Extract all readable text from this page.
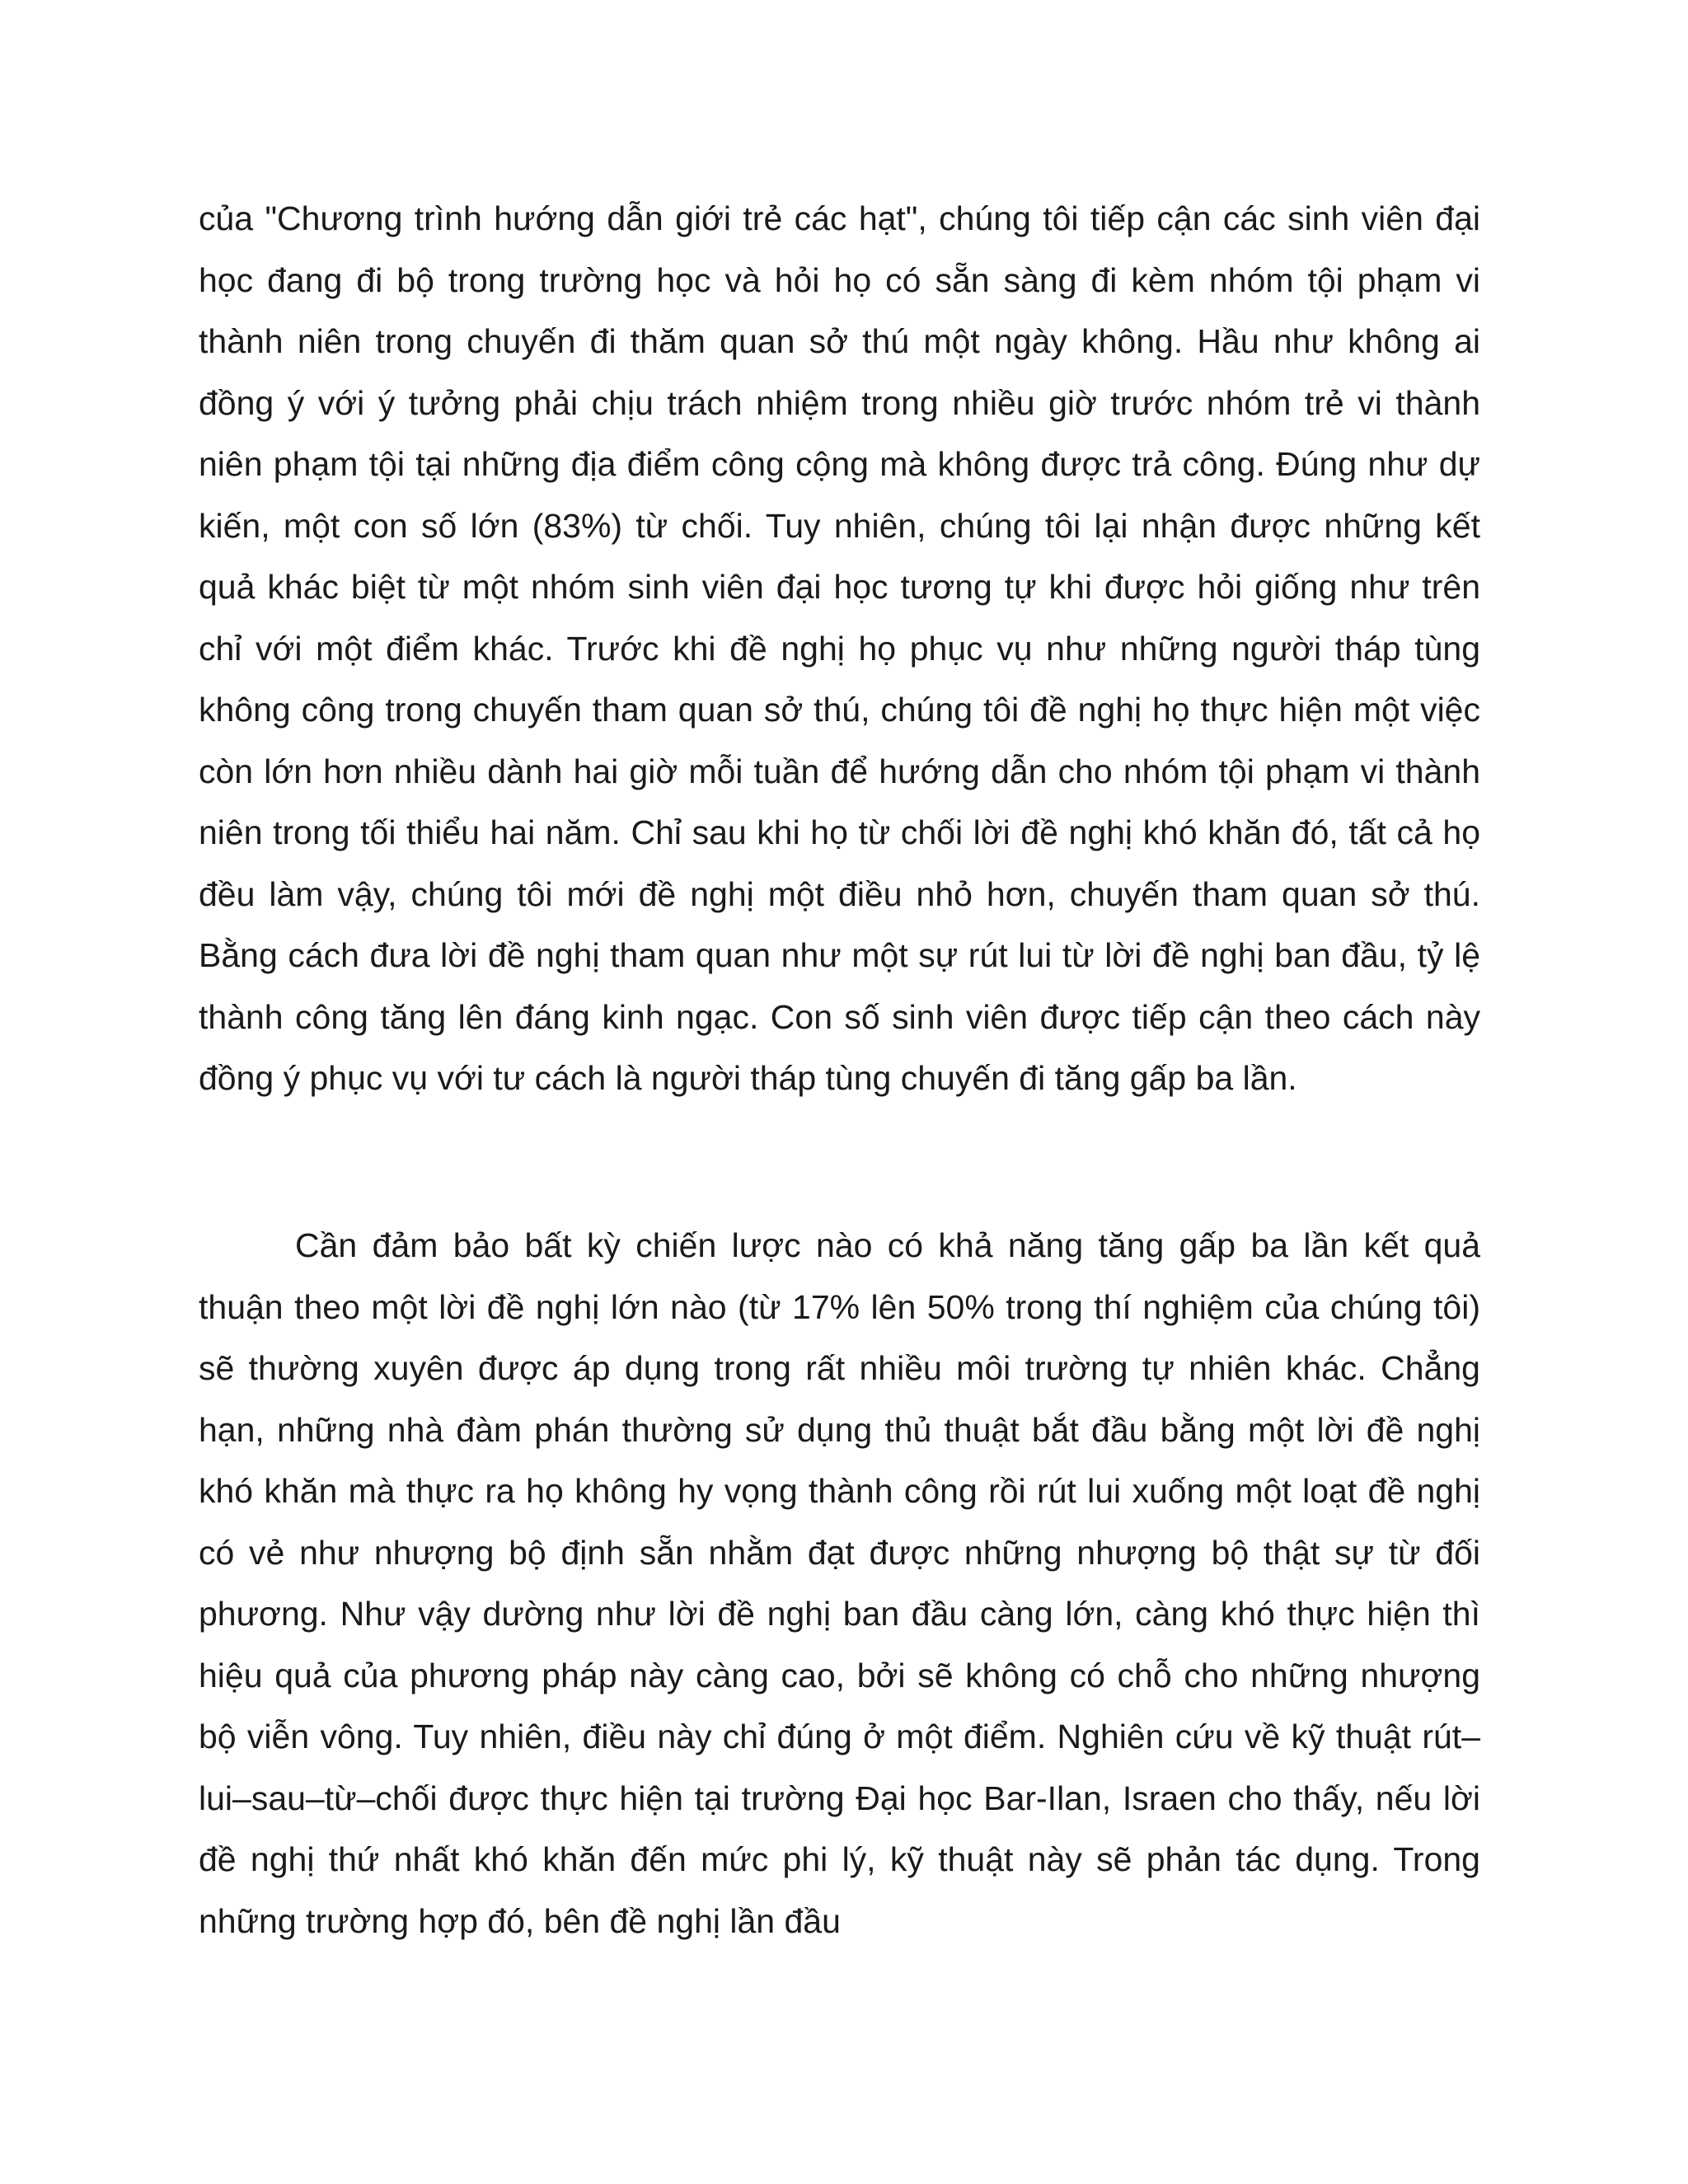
của "Chương trình hướng dẫn giới trẻ các hạt", chúng tôi tiếp cận các sinh viên đại học đang đi bộ trong trường học và hỏi họ có sẵn sàng đi kèm nhóm tội phạm vi thành niên trong chuyến đi thăm quan sở thú một ngày không. Hầu như không ai đồng ý với ý tưởng phải chịu trách nhiệm trong nhiều giờ trước nhóm trẻ vi thành niên phạm tội tại những địa điểm công cộng mà không được trả công. Đúng như dự kiến, một con số lớn (83%) từ chối. Tuy nhiên, chúng tôi lại nhận được những kết quả khác biệt từ một nhóm sinh viên đại học tương tự khi được hỏi giống như trên chỉ với một điểm khác. Trước khi đề nghị họ phục vụ như những người tháp tùng không công trong chuyến tham quan sở thú, chúng tôi đề nghị họ thực hiện một việc còn lớn hơn nhiều dành hai giờ mỗi tuần để hướng dẫn cho nhóm tội phạm vi thành niên trong tối thiểu hai năm. Chỉ sau khi họ từ chối lời đề nghị khó khăn đó, tất cả họ đều làm vậy, chúng tôi mới đề nghị một điều nhỏ hơn, chuyến tham quan sở thú. Bằng cách đưa lời đề nghị tham quan như một sự rút lui từ lời đề nghị ban đầu, tỷ lệ thành công tăng lên đáng kinh ngạc. Con số sinh viên được tiếp cận theo cách này đồng ý phục vụ với tư cách là người tháp tùng chuyến đi tăng gấp ba lần.

Cần đảm bảo bất kỳ chiến lược nào có khả năng tăng gấp ba lần kết quả thuận theo một lời đề nghị lớn nào (từ 17% lên 50% trong thí nghiệm của chúng tôi) sẽ thường xuyên được áp dụng trong rất nhiều môi trường tự nhiên khác. Chẳng hạn, những nhà đàm phán thường sử dụng thủ thuật bắt đầu bằng một lời đề nghị khó khăn mà thực ra họ không hy vọng thành công rồi rút lui xuống một loạt đề nghị có vẻ như nhượng bộ định sẵn nhằm đạt được những nhượng bộ thật sự từ đối phương. Như vậy dường như lời đề nghị ban đầu càng lớn, càng khó thực hiện thì hiệu quả của phương pháp này càng cao, bởi sẽ không có chỗ cho những nhượng bộ viễn vông. Tuy nhiên, điều này chỉ đúng ở một điểm. Nghiên cứu về kỹ thuật rút–lui–sau–từ–chối được thực hiện tại trường Đại học Bar-Ilan, Israen cho thấy, nếu lời đề nghị thứ nhất khó khăn đến mức phi lý, kỹ thuật này sẽ phản tác dụng. Trong những trường hợp đó, bên đề nghị lần đầu
